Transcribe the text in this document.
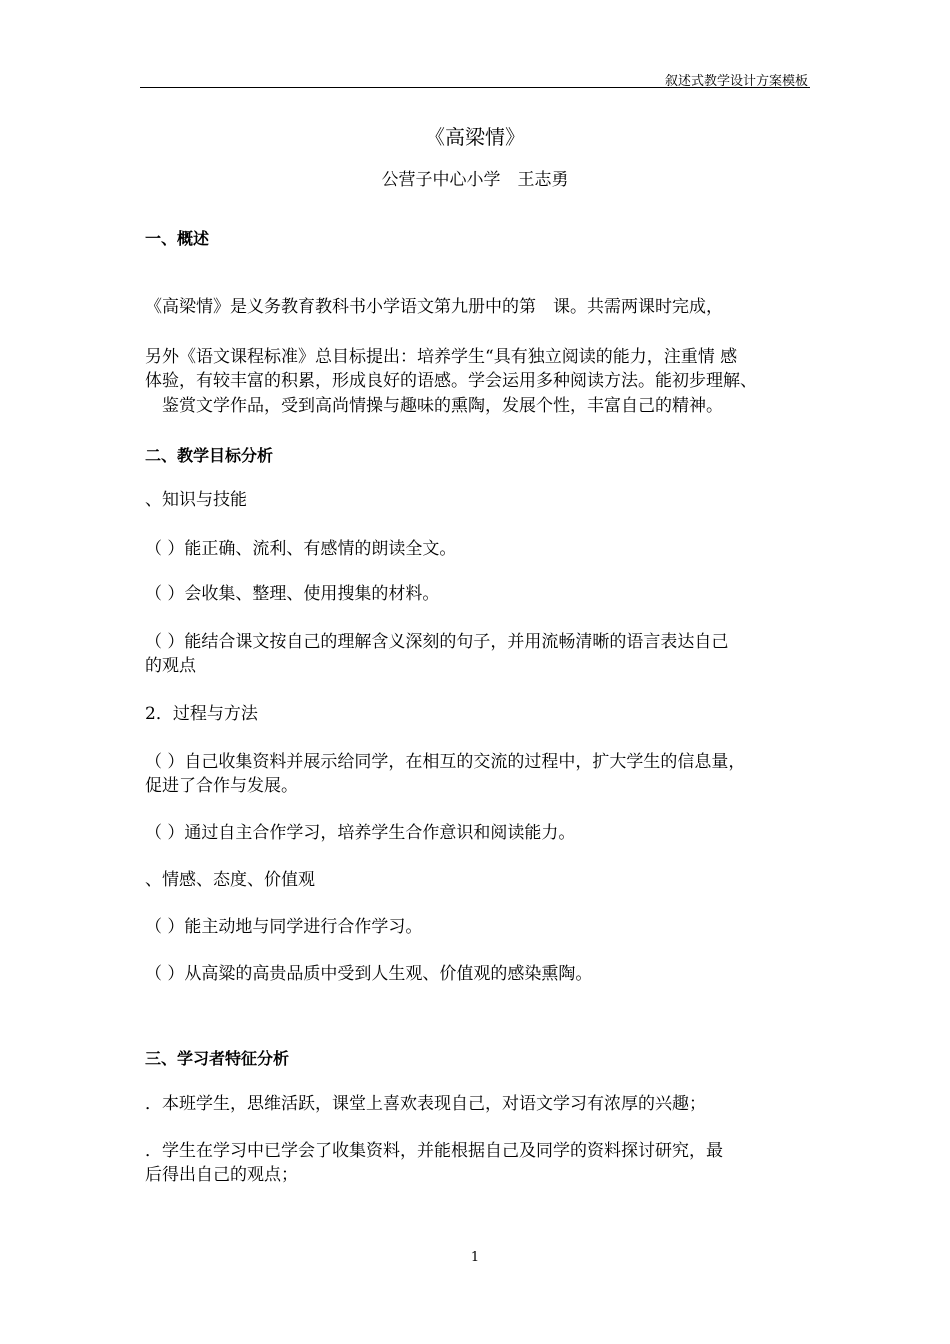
叙述式教学设计方案模板
《高梁情》
公营子中心小学　王志勇
一、概述
《高梁情》是义务教育教科书小学语文第九册中的第　课。共需两课时完成，
另外《语文课程标准》总目标提出：培养学生“具有独立阅读的能力，注重情 感
体验，有较丰富的积累，形成良好的语感。学会运用多种阅读方法。能初步理解、
　鉴赏文学作品，受到高尚情操与趣味的熏陶，发展个性，丰富自己的精神。
二、教学目标分析
、知识与技能
（ ）能正确、流利、有感情的朗读全文。
（ ）会收集、整理、使用搜集的材料。
（ ）能结合课文按自己的理解含义深刻的句子，并用流畅清晰的语言表达自己
的观点
2．过程与方法
（ ）自己收集资料并展示给同学，在相互的交流的过程中，扩大学生的信息量，
促进了合作与发展。
（ ）通过自主合作学习，培养学生合作意识和阅读能力。
、情感、态度、价值观
（ ）能主动地与同学进行合作学习。
（ ）从高粱的高贵品质中受到人生观、价值观的感染熏陶。
三、学习者特征分析
．本班学生，思维活跃，课堂上喜欢表现自己，对语文学习有浓厚的兴趣；
．学生在学习中已学会了收集资料，并能根据自己及同学的资料探讨研究，最
后得出自己的观点；
1
